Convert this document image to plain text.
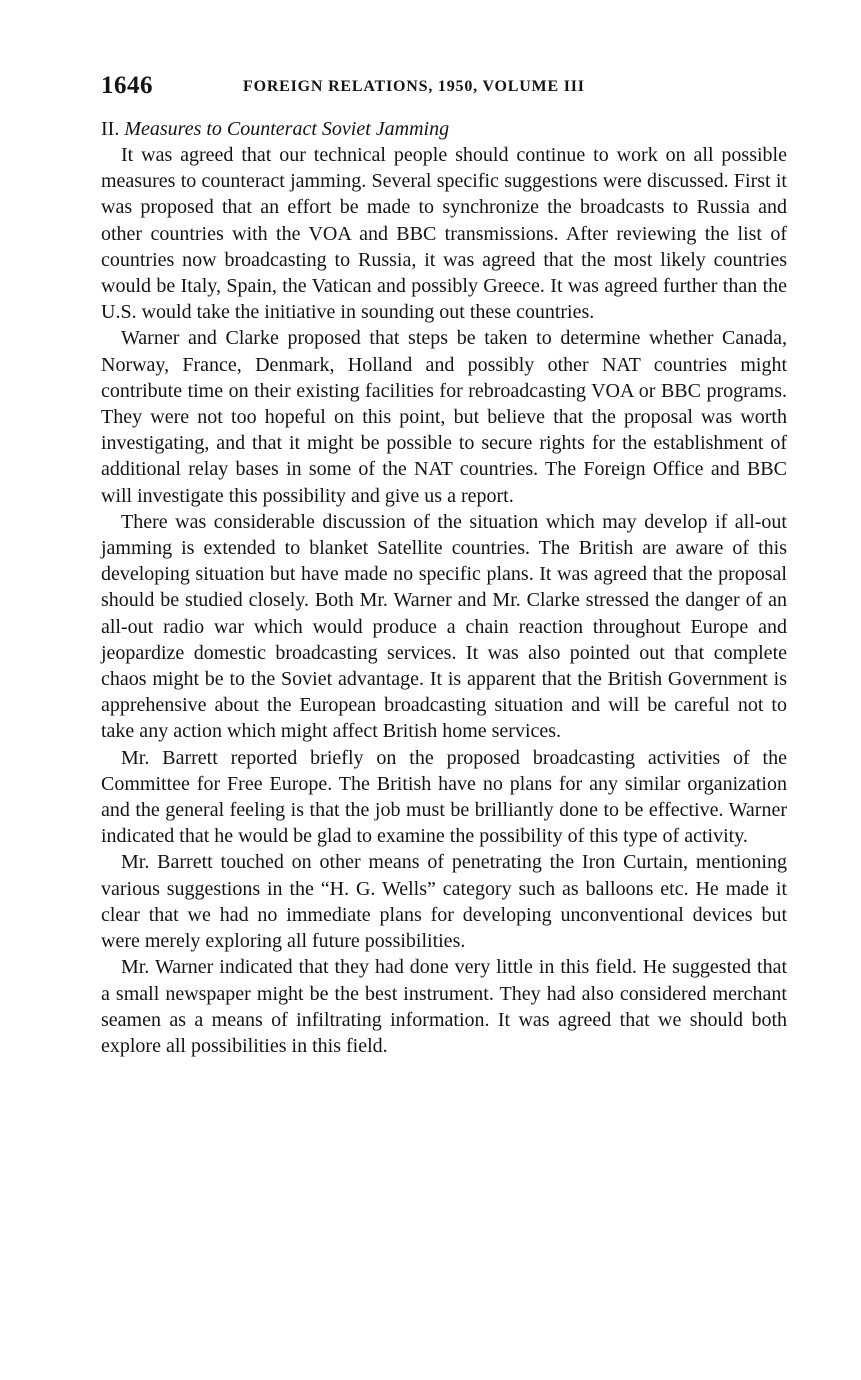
1646	FOREIGN RELATIONS, 1950, VOLUME III
II. Measures to Counteract Soviet Jamming

It was agreed that our technical people should continue to work on all possible measures to counteract jamming. Several specific suggestions were discussed. First it was proposed that an effort be made to synchronize the broadcasts to Russia and other countries with the VOA and BBC transmissions. After reviewing the list of countries now broadcasting to Russia, it was agreed that the most likely countries would be Italy, Spain, the Vatican and possibly Greece. It was agreed further than the U.S. would take the initiative in sounding out these countries.

Warner and Clarke proposed that steps be taken to determine whether Canada, Norway, France, Denmark, Holland and possibly other NAT countries might contribute time on their existing facilities for rebroadcasting VOA or BBC programs. They were not too hopeful on this point, but believe that the proposal was worth investigating, and that it might be possible to secure rights for the establishment of additional relay bases in some of the NAT countries. The Foreign Office and BBC will investigate this possibility and give us a report.

There was considerable discussion of the situation which may develop if all-out jamming is extended to blanket Satellite countries. The British are aware of this developing situation but have made no specific plans. It was agreed that the proposal should be studied closely. Both Mr. Warner and Mr. Clarke stressed the danger of an all-out radio war which would produce a chain reaction throughout Europe and jeopardize domestic broadcasting services. It was also pointed out that complete chaos might be to the Soviet advantage. It is apparent that the British Government is apprehensive about the European broadcasting situation and will be careful not to take any action which might affect British home services.

Mr. Barrett reported briefly on the proposed broadcasting activities of the Committee for Free Europe. The British have no plans for any similar organization and the general feeling is that the job must be brilliantly done to be effective. Warner indicated that he would be glad to examine the possibility of this type of activity.

Mr. Barrett touched on other means of penetrating the Iron Curtain, mentioning various suggestions in the “H. G. Wells” category such as balloons etc. He made it clear that we had no immediate plans for developing unconventional devices but were merely exploring all future possibilities.

Mr. Warner indicated that they had done very little in this field. He suggested that a small newspaper might be the best instrument. They had also considered merchant seamen as a means of infiltrating information. It was agreed that we should both explore all possibilities in this field.
